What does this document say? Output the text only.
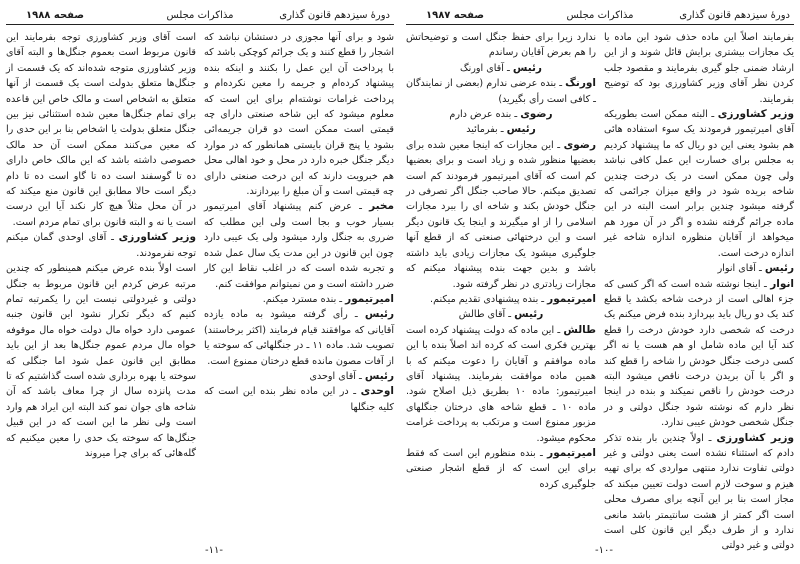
دورهٔ سیزدهم قانون گذاری
مذاکرات مجلس
صفحه ۱۹۸۸

شود و برای آنها مجوزی در دستشان نباشد که اشجار را قطع کنند و یک جرائم کوچکی باشد که با پرداخت آن این عمل را بکنند و اینکه بنده پیشنهاد کرده‌ام و جریمه را معین نکرده‌ام و پرداخت غرامات نوشته‌ام برای این است که معلوم میشود که این شاخه صنعتی دارای چه قیمتی است ممکن است دو قران جریمه‌ائی بشود یا پنج قران بایستی همانطور که در موارد دیگر جنگل خبره دارد در محل و خود اهالی محل هم خبرویت دارند که این درخت صنعتی دارای چه قیمتی است و آن مبلغ را بپردازند.

مخبر ـ عرض کنم پیشنهاد آقای امیرتیمور بسیار خوب و بجا است ولی این مطلب که ضرری به جنگل وارد میشود ولی یک عیبی دارد چون این قانون در این مدت یک سال عمل شده و تجربه شده است که در اغلب نقاط این کار ضرر داشته است و من نمیتوانم موافقت کنم.

امیرتیمور ـ بنده مسترد میکنم.

رئیس ـ رأی گرفته میشود به ماده یازده آقایانی که موافقند قیام فرمایند (اکثر برخاستند) تصویب شد. ماده ۱۱ ـ در جنگلهائی که سوخته یا از آفات مصون مانده قطع درختان ممنوع است.

رئیس ـ آقای اوحدی

اوحدی ـ در این ماده نظر بنده این است که کلیه جنگلها

است آقای وزیر کشاورزی توجه بفرمایند این قانون مربوط است بعموم جنگل‌ها و البته آقای وزیر کشاورزی متوجه شده‌اند که یک قسمت از جنگل‌ها متعلق بدولت است یک قسمت از آنها متعلق به اشخاص است و مالک خاص این قاعده برای تمام جنگل‌ها معین شده استثنائی نیز بین جنگل متعلق بدولت یا اشخاص بنا بر این حدی را که معین می‌کنند ممکن است آن حد مالک خصوصی داشته باشد که این مالک خاص دارای ده تا گوسفند است ده تا گاو است ده تا دام دیگر است حالا مطابق این قانون منع میکند که در آن محل مثلاً هیچ کار نکند آیا این درست است یا نه و البته قانون برای تمام مردم است.

وزیر کشاورزی ـ آقای اوحدی گمان میکنم توجه نفرمودند.

است اولاً بنده عرض میکنم همینطور که چندین مرتبه عرض کردم این قانون مربوط به جنگل دولتی و غیردولتی نیست این را یکمرتبه تمام کنیم که دیگر تکرار نشود این قانون جنبه عمومی دارد خواه مال دولت خواه مال موقوفه خواه مال مردم عموم جنگل‌ها بعد از این باید مطابق این قانون عمل شود اما جنگلی که سوخته یا بهره برداری شده است گذاشتیم که تا مدت پانزده سال از چرا معاف باشد که آن شاخه های جوان نمو کند البته این ایراد هم وارد است ولی نظر ما این است که در این قبیل جنگل‌ها که سوخته یک حدی را معین میکنیم که گله‌هائی که برای چرا میروند

-۱۱-
دورهٔ سیزدهم قانون گذاری
مذاکرات مجلس
صفحه ۱۹۸۷

بفرمایند اصلاً این ماده حذف شود این ماده یا یک مجازات بیشتری برایش قائل شوند و از این ارشاد ضمنی جلو گیری بفرمایند و مقصود جلب کردن نظر آقای وزیر کشاورزی بود که توضیح بفرمایند.

وزیر کشاورزی ـ البته ممکن است بطوریکه آقای امیرتیمور فرمودند یک سوء استفاده هائی هم بشود یعنی این دو ریال که ما پیشنهاد کردیم به مجلس برای خسارت این عمل کافی نباشد ولی چون ممکن است در یک درخت چندین شاخه بریده شود در واقع میزان جرائمی که گرفته میشود چندین برابر است البته در این ماده جرائم گرفته نشده و اگر در آن مورد هم میخواهد از آقایان منظوره اندازه شاخه غیر اندازه درخت است.

رئیس ـ آقای انوار

انوار ـ اینجا نوشته شده است که اگر کسی که جزء اهالی است از درخت شاخه بکشد یا قطع کند یک دو ریال باید بپردازد بنده فرض میکنم یک درخت که شخصی دارد خودش درخت را قطع کند آیا این ماده شامل او هم هست یا نه اگر کسی درخت جنگل خودش را شاخه را قطع کند و اگر با آن بریدن درخت ناقص میشود البته درخت خودش را ناقص نمیکند و بنده در اینجا نظر دارم که نوشته شود جنگل دولتی و در جنگل شخصی خودش عیبی ندارد.

وزیر کشاورزی ـ اولاً چندین بار بنده تذکر دادم که استثناء نشده است یعنی دولتی و غیر دولتی تفاوت ندارد منتهی مواردی که برای تهیه هیزم و سوخت لازم است دولت تعیین میکند که مجاز است بنا بر این آنچه برای مصرف محلی است اگر کمتر از هشت سانتیمتر باشد مانعی ندارد و از طرف دیگر این قانون کلی است دولتی و غیر دولتی

ندارد زیرا برای حفظ جنگل است و توضیحاتش را هم بعرض آقایان رساندم

رئیس ـ آقای اورنگ

اورنگ ـ بنده عرضی ندارم (بعضی از نمایندگان ـ کافی است رأی بگیرید)

رضوی ـ بنده عرض دارم

رئیس ـ بفرمائید

رضوی ـ این مجازات که اینجا معین شده برای بعضیها منظور شده و زیاد است و برای بعضیها کم است که آقای امیرتیمور فرمودند کم است تصدیق میکنم. حالا صاحب جنگل اگر تصرفی در جنگل خودش بکند و شاخه ای را ببرد مجازات اسلامی را از او میگیرند و اینجا یک قانون دیگر است و این درختهائی صنعتی که از قطع آنها جلوگیری میشود یک مجازات زیادی باید داشته باشد و بدین جهت بنده پیشنهاد میکنم که مجازات زیادتری در نظر گرفته شود.

امیرتیمور ـ بنده پیشنهادی تقدیم میکنم.

رئیس ـ آقای طالش

طالش ـ این ماده که دولت پیشنهاد کرده است بهترین فکری است که کرده اند اصلاً بنده با این ماده موافقم و آقایان را دعوت میکنم که با همین ماده موافقت بفرمایند. پیشنهاد آقای امیرتیمور: ماده ۱۰ بطریق ذیل اصلاح شود. ماده ۱۰ ـ قطع شاخه های درختان جنگلهای مزبور ممنوع است و مرتکب به پرداخت غرامت محکوم میشود.

امیرتیمور ـ بنده منظورم این است که فقط برای این است که از قطع اشجار صنعتی جلوگیری کرده

-۱۰-
